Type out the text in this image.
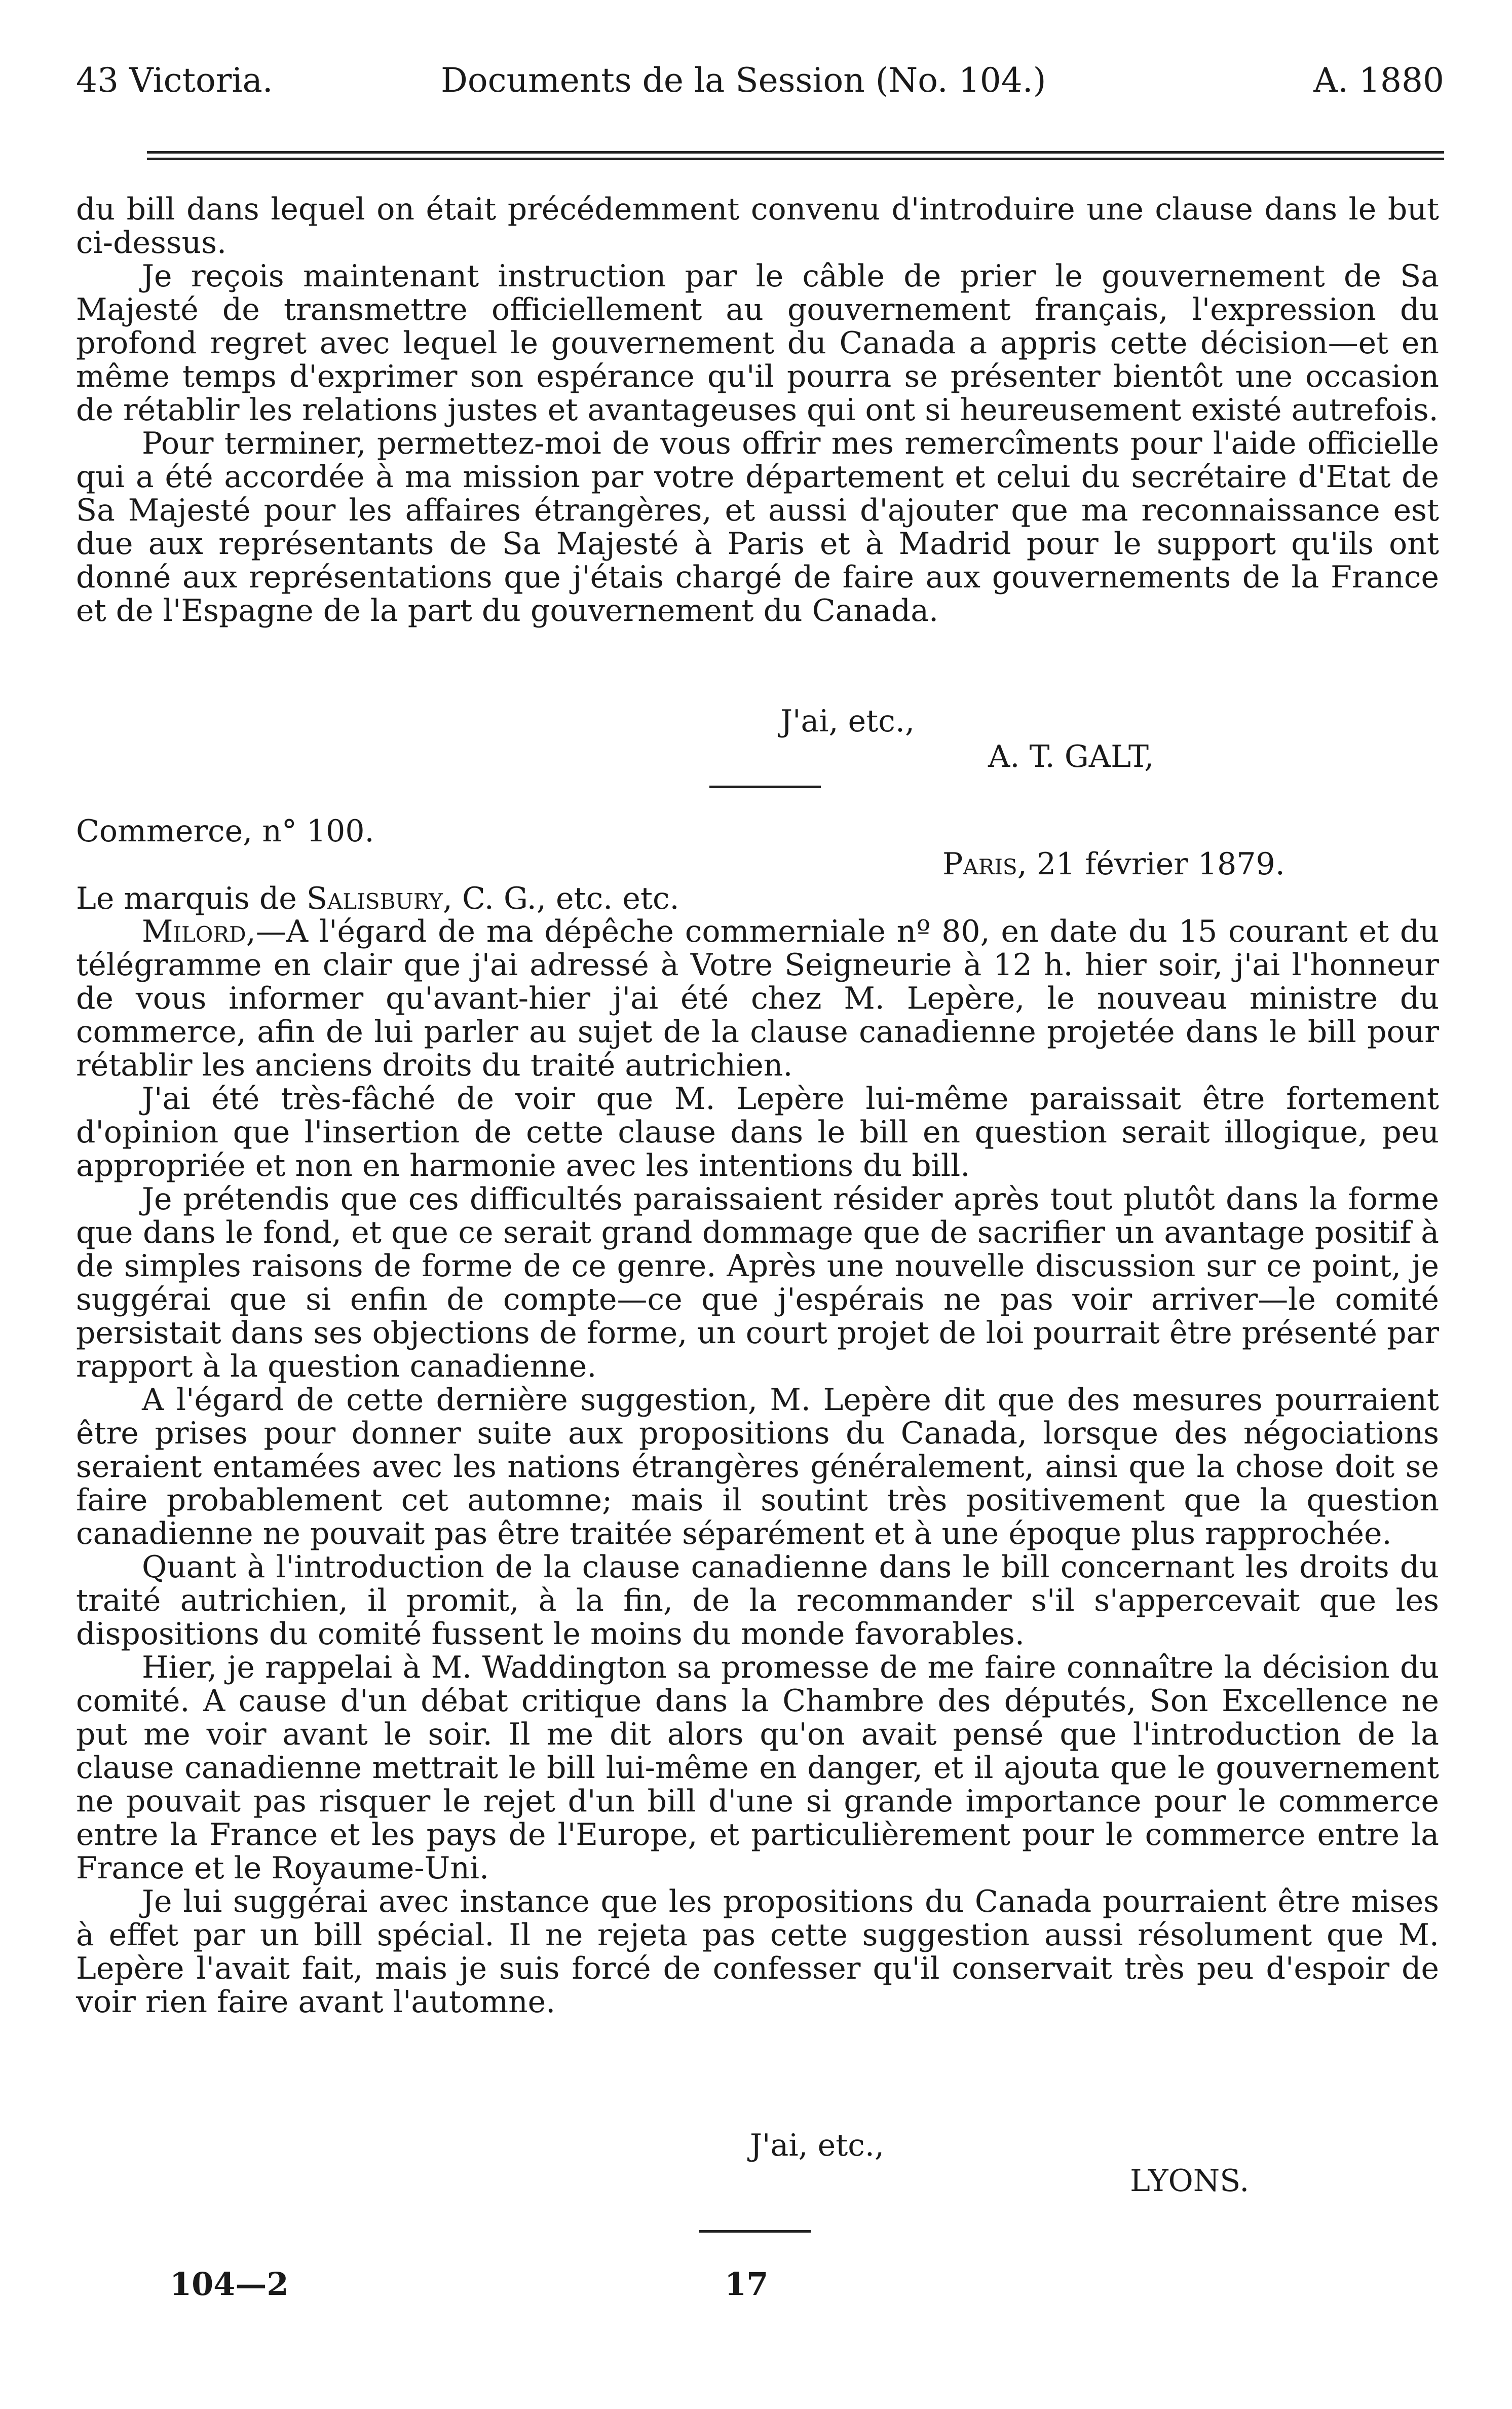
43 Victoria.	Documents de la Session (No. 104.)	A. 1880

du bill dans lequel on était précédemment convenu d'introduire une clause dans le but ci-dessus.

Je reçois maintenant instruction par le câble de prier le gouvernement de Sa Majesté de transmettre officiellement au gouvernement français, l'expression du profond regret avec lequel le gouvernement du Canada a appris cette décision—et en même temps d'exprimer son espérance qu'il pourra se présenter bientôt une occasion de rétablir les relations justes et avantageuses qui ont si heureusement existé autrefois.

Pour terminer, permettez-moi de vous offrir mes remercîments pour l'aide officielle qui a été accordée à ma mission par votre département et celui du secrétaire d'Etat de Sa Majesté pour les affaires étrangères, et aussi d'ajouter que ma reconnaissance est due aux représentants de Sa Majesté à Paris et à Madrid pour le support qu'ils ont donné aux représentations que j'étais chargé de faire aux gouvernements de la France et de l'Espagne de la part du gouvernement du Canada.

J'ai, etc.,
A. T. GALT,
Commerce, n° 100.
Paris, 21 février 1879.
Le marquis de Salisbury, C. G., etc. etc.

Milord,—A l'égard de ma dépêche commerniale nº 80, en date du 15 courant et du télégramme en clair que j'ai adressé à Votre Seigneurie à 12 h. hier soir, j'ai l'honneur de vous informer qu'avant-hier j'ai été chez M. Lepère, le nouveau ministre du commerce, afin de lui parler au sujet de la clause canadienne projetée dans le bill pour rétablir les anciens droits du traité autrichien.

J'ai été très-fâché de voir que M. Lepère lui-même paraissait être fortement d'opinion que l'insertion de cette clause dans le bill en question serait illogique, peu appropriée et non en harmonie avec les intentions du bill.

Je prétendis que ces difficultés paraissaient résider après tout plutôt dans la forme que dans le fond, et que ce serait grand dommage que de sacrifier un avantage positif à de simples raisons de forme de ce genre. Après une nouvelle discussion sur ce point, je suggérai que si enfin de compte—ce que j'espérais ne pas voir arriver—le comité persistait dans ses objections de forme, un court projet de loi pourrait être présenté par rapport à la question canadienne.

A l'égard de cette dernière suggestion, M. Lepère dit que des mesures pourraient être prises pour donner suite aux propositions du Canada, lorsque des négociations seraient entamées avec les nations étrangères généralement, ainsi que la chose doit se faire probablement cet automne; mais il soutint très positivement que la question canadienne ne pouvait pas être traitée séparément et à une époque plus rapprochée.

Quant à l'introduction de la clause canadienne dans le bill concernant les droits du traité autrichien, il promit, à la fin, de la recommander s'il s'appercevait que les dispositions du comité fussent le moins du monde favorables.

Hier, je rappelai à M. Waddington sa promesse de me faire connaître la décision du comité. A cause d'un débat critique dans la Chambre des députés, Son Excellence ne put me voir avant le soir. Il me dit alors qu'on avait pensé que l'introduction de la clause canadienne mettrait le bill lui-même en danger, et il ajouta que le gouvernement ne pouvait pas risquer le rejet d'un bill d'une si grande importance pour le commerce entre la France et les pays de l'Europe, et particulièrement pour le commerce entre la France et le Royaume-Uni.

Je lui suggérai avec instance que les propositions du Canada pourraient être mises à effet par un bill spécial. Il ne rejeta pas cette suggestion aussi résolument que M. Lepère l'avait fait, mais je suis forcé de confesser qu'il conservait très peu d'espoir de voir rien faire avant l'automne.

J'ai, etc.,
LYONS.
104—2	17
